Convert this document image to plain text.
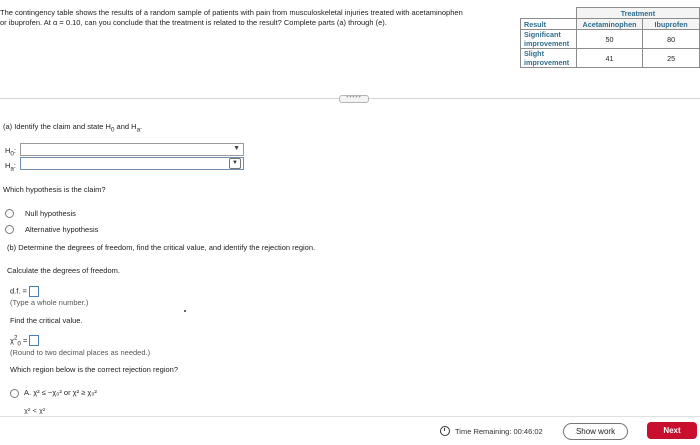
The contingency table shows the results of a random sample of patients with pain from musculoskeletal injuries treated with acetaminophen
or ibuprofen. At α = 0.10, can you conclude that the treatment is related to the result? Complete parts (a) through (e).
	Treatment	
Result	Acetaminophen	Ibuprofen
Significant
improvement	50	80
Slight
improvement	41	25
•••••
(a) Identify the claim and state $H_0$ and $H_a$.
$H_0$:	▼
$H_a$:	▼
Which hypothesis is the claim?
Null hypothesis
Alternative hypothesis
(b) Determine the degrees of freedom, find the critical value, and identify the rejection region.
Calculate the degrees of freedom.
d.f. =
(Type a whole number.)
Find the critical value.
$\chi^2_0$ =
(Round to two decimal places as needed.)
Which region below is the correct rejection region?
A. χ² ≤ −χ₀² or χ² ≥ χ₀²
χ² < χ²
Time Remaining: 00:46:02	Show work	Next
